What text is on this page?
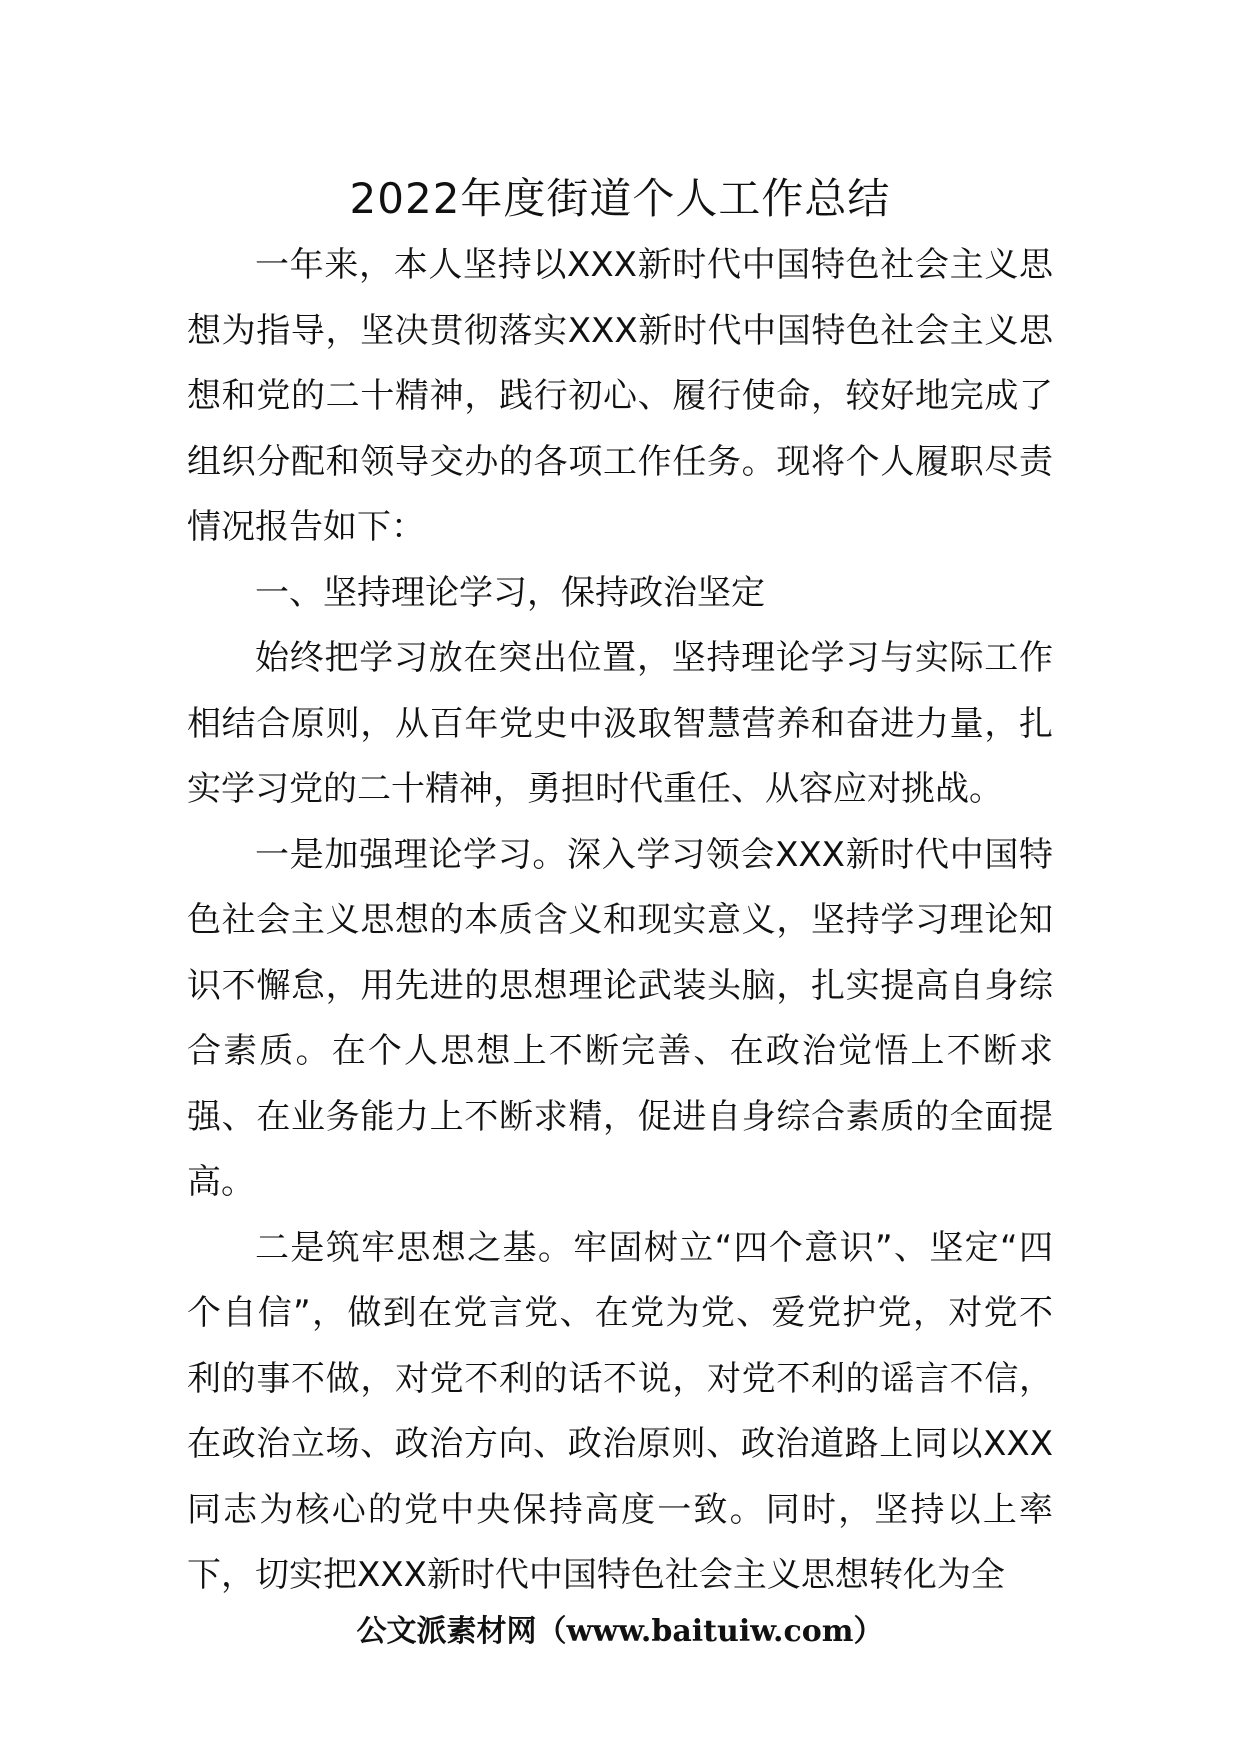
2022年度街道个人工作总结

一年来，本人坚持以XXX新时代中国特色社会主义思想为指导，坚决贯彻落实XXX新时代中国特色社会主义思想和党的二十精神，践行初心、履行使命，较好地完成了组织分配和领导交办的各项工作任务。现将个人履职尽责情况报告如下：

一、坚持理论学习，保持政治坚定

始终把学习放在突出位置，坚持理论学习与实际工作相结合原则，从百年党史中汲取智慧营养和奋进力量，扎实学习党的二十精神，勇担时代重任、从容应对挑战。

一是加强理论学习。深入学习领会XXX新时代中国特色社会主义思想的本质含义和现实意义，坚持学习理论知识不懈怠，用先进的思想理论武装头脑，扎实提高自身综合素质。在个人思想上不断完善、在政治觉悟上不断求强、在业务能力上不断求精，促进自身综合素质的全面提高。

二是筑牢思想之基。牢固树立“四个意识”、坚定“四个自信”，做到在党言党、在党为党、爱党护党，对党不利的事不做，对党不利的话不说，对党不利的谣言不信，在政治立场、政治方向、政治原则、政治道路上同以XXX同志为核心的党中央保持高度一致。同时，坚持以上率下，切实把XXX新时代中国特色社会主义思想转化为全

公文派素材网（www.baituiw.com）
